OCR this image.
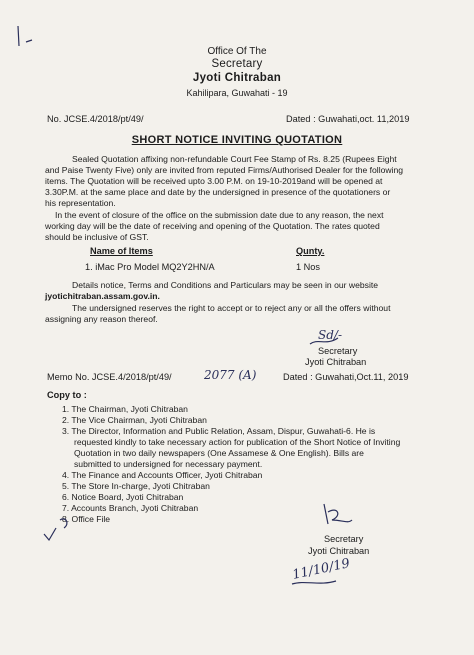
Office Of The
Secretary
Jyoti Chitraban
Kahilipara, Guwahati - 19
No. JCSE.4/2018/pt/49/	Dated : Guwahati,oct. 11,2019
SHORT NOTICE INVITING QUOTATION
Sealed Quotation affixing non-refundable Court Fee Stamp of Rs. 8.25 (Rupees Eight
and Paise Twenty Five) only are invited from reputed Firms/Authorised Dealer for the following
items. The Quotation will be received upto 3.00 P.M. on 19-10-2019and will be opened at
3.30P.M. at the same place and date by the undersigned in presence of the quotationers or
his representation.
In the event of closure of the office on the submission date due to any reason, the next
working day will be the date of receiving and opening of the Quotation. The rates quoted
should be inclusive of GST.
Name of Items	Qunty.
1. iMac Pro Model MQ2Y2HN/A	1 Nos
Details notice, Terms and Conditions and Particulars may be seen in our website
jyotichitraban.assam.gov.in.
The undersigned reserves the right to accept or to reject any or all the offers without
assigning any reason thereof.
Sd/-
Secretary
Jyoti Chitraban
Memo No. JCSE.4/2018/pt/49/	2077 (A)	Dated : Guwahati,Oct.11, 2019
Copy to :
1. The Chairman, Jyoti Chitraban
2. The Vice Chairman, Jyoti Chitraban
3. The Director, Information and Public Relation, Assam, Dispur, Guwahati-6. He is
requested kindly to take necessary action for publication of the Short Notice of Inviting
Quotation in two daily newspapers (One Assamese & One English). Bills are
submitted to undersigned for necessary payment.
4. The Finance and Accounts Officer, Jyoti Chitraban
5. The Store In-charge, Jyoti Chitraban
6. Notice Board, Jyoti Chitraban
7. Accounts Branch, Jyoti Chitraban
8. Office File
Secretary
Jyoti Chitraban
11/10/19
